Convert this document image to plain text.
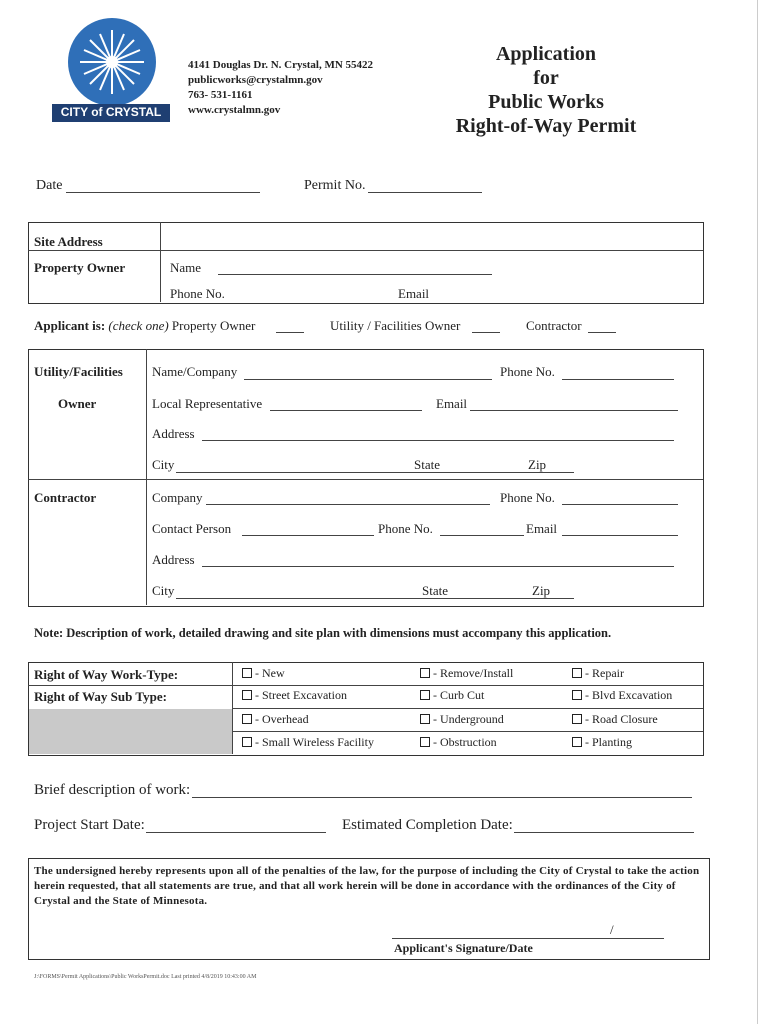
CITY of CRYSTAL
4141 Douglas Dr. N. Crystal, MN 55422
publicworks@crystalmn.gov
763- 531-1161
www.crystalmn.gov
Application
for
Public Works
Right-of-Way Permit
Date	Permit No.
Site Address
Property Owner	Name
Phone No.	Email
Applicant is: (check one) Property Owner	Utility / Facilities Owner	Contractor
Utility/Facilities
Owner
Name/Company	Phone No.
Local Representative	Email
Address
City	State	Zip
Contractor	Company	Phone No.
Contact Person	Phone No.	Email
Address
City	State	Zip
Note: Description of work, detailed drawing and site plan with dimensions must accompany this application.
Right of Way Work-Type:
Right of Way Sub Type:
- New	- Remove/Install	- Repair
- Street Excavation	- Curb Cut	- Blvd Excavation
- Overhead	- Underground	- Road Closure
- Small Wireless Facility	- Obstruction	- Planting
Brief description of work:
Project Start Date:	Estimated Completion Date:
The undersigned hereby represents upon all of the penalties of the law, for the purpose of including the City of Crystal to take the action herein requested, that all statements are true, and that all work herein will be done in accordance with the ordinances of the City of Crystal and the State of Minnesota.
/
Applicant's Signature/Date
J:\FORMS\Permit Applications\Public WorksPermit.doc Last printed 4/8/2019 10:43:00 AM
